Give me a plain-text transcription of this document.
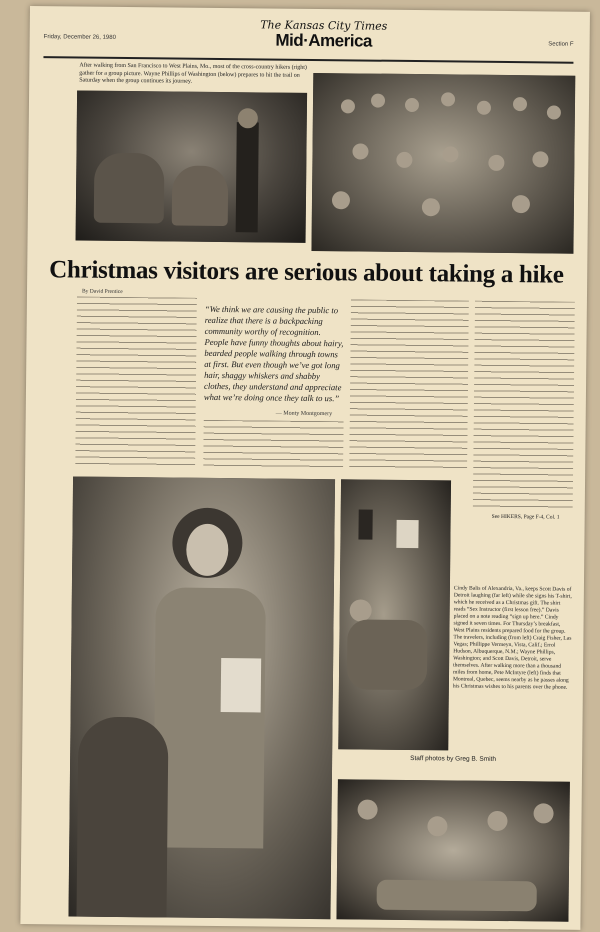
Friday, December 26, 1980
The Kansas City Times
Mid·America	Section F
After walking from San Francisco to West Plains, Mo., most of the cross-country hikers (right) gather for a group picture. Wayne Phillips of Washington (below) prepares to hit the trail on Saturday when the group continues its journey.
Christmas visitors are serious about taking a hike
By David Prentice
“We think we are causing the public to realize that there is a backpacking community worthy of recognition. People have funny thoughts about hairy, bearded people walking through towns at first. But even though we’ve got long hair, shaggy whiskers and shabby clothes, they understand and appreciate what we’re doing once they talk to us.”
— Monty Montgomery
See HIKERS, Page F-4, Col. 1
Cindy Balis of Alexandria, Va., keeps Scott Davis of Detroit laughing (far left) while she signs his T-shirt, which he received as a Christmas gift. The shirt reads “Sex Instructor (first lesson free).” Davis placed on a note reading “sign up here.” Cindy signed it seven times. For Thursday’s breakfast, West Plains residents prepared food for the group. The travelers, including (from left) Craig Fisher, Las Vegas; Phillippe Vermeyn, Vista, Calif.; Errol Hudson, Albuquerque, N.M.; Wayne Phillips, Washington; and Scott Davis, Detroit, serve themselves. After walking more than a thousand miles from home, Pete McIntyre (left) finds that Montreal, Quebec, seems nearby as he passes along his Christmas wishes to his parents over the phone.
Staff photos by Greg B. Smith
